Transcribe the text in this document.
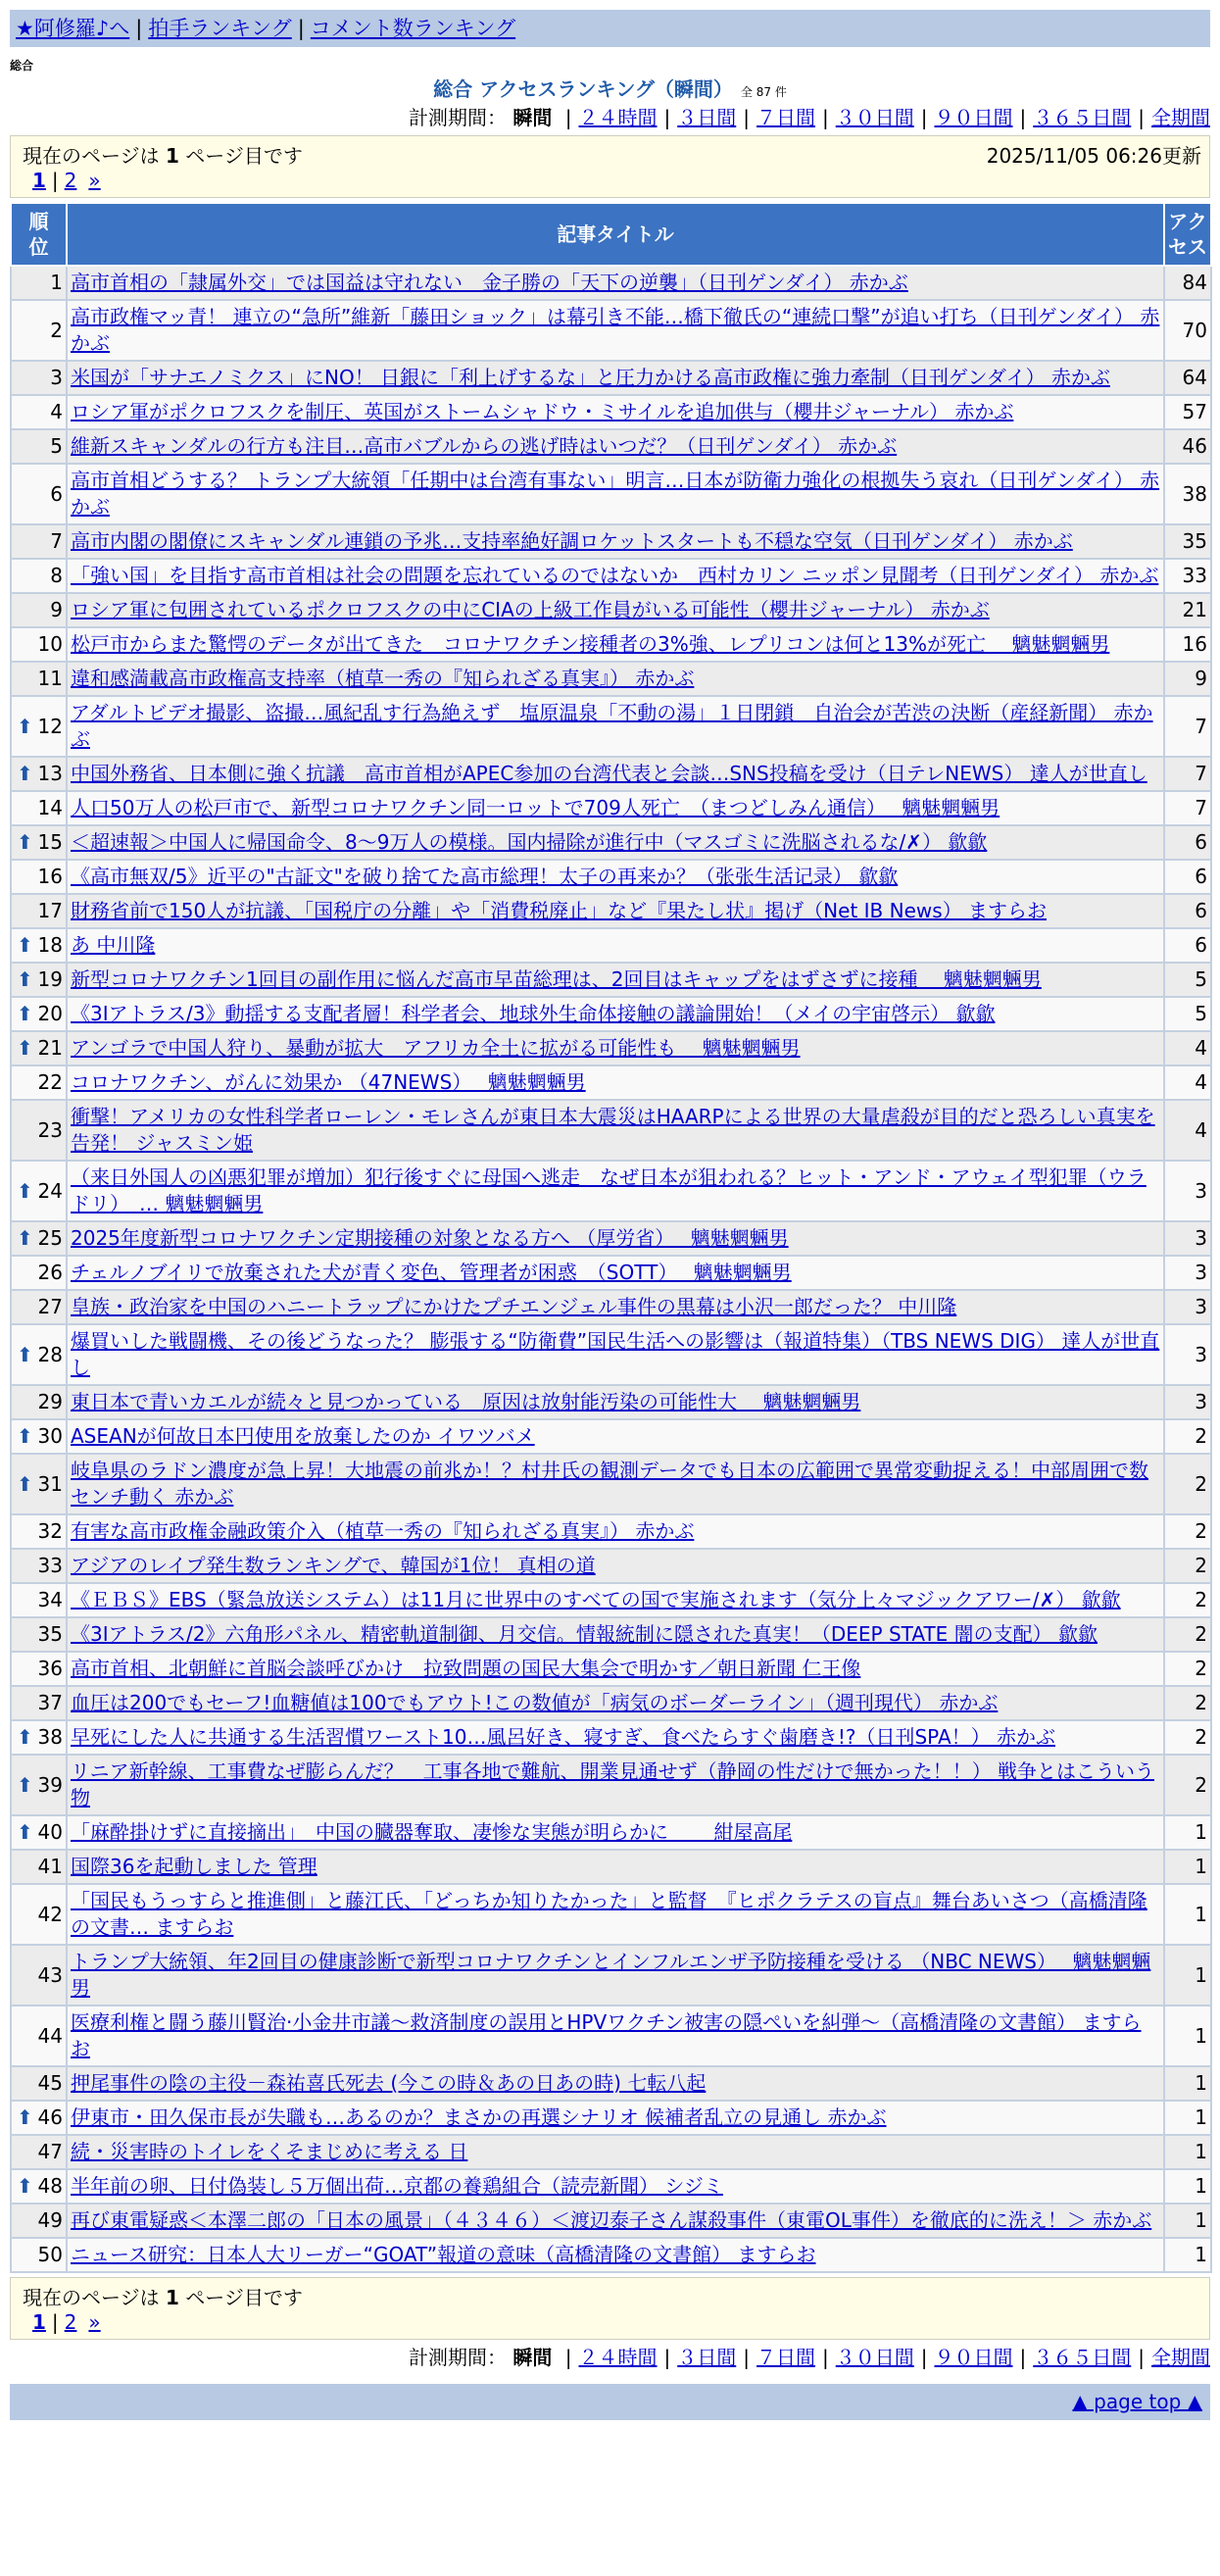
★阿修羅♪へ | 拍手ランキング | コメント数ランキング
総合
総合 アクセスランキング（瞬間） 全 87 件
計測期間： 瞬間 | ２４時間 | ３日間 | ７日間 | ３０日間 | ９０日間 | ３６５日間 | 全期間
現在のページは 1 ページ目です	2025/11/05 06:26更新
1 | 2 »
順位	記事タイトル	アクセス
1	高市首相の「隷属外交」では国益は守れない　金子勝の「天下の逆襲」（日刊ゲンダイ） 赤かぶ	84
2	高市政権マッ青！ 連立の“急所”維新「藤田ショック」は幕引き不能…橋下徹氏の“連続口撃”が追い打ち（日刊ゲンダイ） 赤かぶ	70
3	米国が「サナエノミクス」にNO！ 日銀に「利上げするな」と圧力かける高市政権に強力牽制（日刊ゲンダイ） 赤かぶ	64
4	ロシア軍がポクロフスクを制圧、英国がストームシャドウ・ミサイルを追加供与（櫻井ジャーナル） 赤かぶ	57
5	維新スキャンダルの行方も注目…高市バブルからの逃げ時はいつだ？（日刊ゲンダイ） 赤かぶ	46
6	高市首相どうする？ トランプ大統領「任期中は台湾有事ない」明言…日本が防衛力強化の根拠失う哀れ（日刊ゲンダイ） 赤かぶ	38
7	高市内閣の閣僚にスキャンダル連鎖の予兆…支持率絶好調ロケットスタートも不穏な空気（日刊ゲンダイ） 赤かぶ	35
8	「強い国」を目指す高市首相は社会の問題を忘れているのではないか　西村カリン ニッポン見聞考（日刊ゲンダイ） 赤かぶ	33
9	ロシア軍に包囲されているポクロフスクの中にCIAの上級工作員がいる可能性（櫻井ジャーナル） 赤かぶ	21
10	松戸市からまた驚愕のデータが出てきた　コロナワクチン接種者の3%強、レプリコンは何と13%が死亡　 魑魅魍魎男	16
11	違和感満載高市政権高支持率（植草一秀の『知られざる真実』） 赤かぶ	9

⬆ 12	アダルトビデオ撮影、盗撮…風紀乱す行為絶えず　塩原温泉「不動の湯」１日閉鎖　自治会が苦渋の決断（産経新聞） 赤かぶ	7

⬆ 13	中国外務省、日本側に強く抗議　高市首相がAPEC参加の台湾代表と会談…SNS投稿を受け（日テレNEWS） 達人が世直し	7
14	人口50万人の松戸市で、新型コロナワクチン同一ロットで709人死亡　（まつどしみん通信）　 魑魅魍魎男	7

⬆ 15	＜超速報＞中国人に帰国命令、8～9万人の模様。国内掃除が進行中（マスゴミに洗脳されるな/✗） 歙歙	6
16	《高市無双/5》近平の"古証文"を破り捨てた高市総理！太子の再来か？（张张生活记录） 歙歙	6
17	財務省前で150人が抗議、「国税庁の分離」や「消費税廃止」など『果たし状』掲げ（Net IB News） ますらお	6

⬆ 18	あ 中川隆	6

⬆ 19	新型コロナワクチン1回目の副作用に悩んだ高市早苗総理は、2回目はキャップをはずさずに接種　 魑魅魍魎男	5

⬆ 20	《3Iアトラス/3》動揺する支配者層！科学者会、地球外生命体接触の議論開始！（メイの宇宙啓示） 歙歙	5

⬆ 21	アンゴラで中国人狩り、暴動が拡大　アフリカ全土に拡がる可能性も　 魑魅魍魎男	4
22	コロナワクチン、がんに効果か （47NEWS）　 魑魅魍魎男	4
23	衝撃！アメリカの女性科学者ローレン・モレさんが東日本大震災はHAARPによる世界の大量虐殺が目的だと恐ろしい真実を告発！ ジャスミン姫	4

⬆ 24	（来日外国人の凶悪犯罪が増加）犯行後すぐに母国へ逃走　なぜ日本が狙われる？ヒット・アンド・アウェイ型犯罪（ウラドリ）　… 魑魅魍魎男	3

⬆ 25	2025年度新型コロナワクチン定期接種の対象となる方へ （厚労省）　 魑魅魍魎男	3
26	チェルノブイリで放棄された犬が青く変色、管理者が困惑　（SOTT）　 魑魅魍魎男	3
27	皇族・政治家を中国のハニートラップにかけたプチエンジェル事件の黒幕は小沢一郎だった？ 中川隆	3

⬆ 28	爆買いした戦闘機、その後どうなった？ 膨張する“防衛費”国民生活への影響は（報道特集）（TBS NEWS DIG） 達人が世直し	3
29	東日本で青いカエルが続々と見つかっている　原因は放射能汚染の可能性大　 魑魅魍魎男	3

⬆ 30	ASEANが何故日本円使用を放棄したのか イワツバメ	2

⬆ 31	岐阜県のラドン濃度が急上昇！大地震の前兆か！？村井氏の観測データでも日本の広範囲で異常変動捉える！中部周囲で数センチ動く 赤かぶ	2
32	有害な高市政権金融政策介入（植草一秀の『知られざる真実』） 赤かぶ	2
33	アジアのレイプ発生数ランキングで、韓国が1位！ 真相の道	2
34	《ＥＢＳ》EBS（緊急放送システム）は11月に世界中のすべての国で実施されます（気分上々マジックアワー/✗） 歙歙	2
35	《3Iアトラス/2》六角形パネル、精密軌道制御、月交信。情報統制に隠された真実！（DEEP STATE 闇の支配） 歙歙	2
36	高市首相、北朝鮮に首脳会談呼びかけ　拉致問題の国民大集会で明かす／朝日新聞 仁王像	2
37	血圧は200でもセーフ!血糖値は100でもアウト!この数値が「病気のボーダーライン」（週刊現代） 赤かぶ	2

⬆ 38	早死にした人に共通する生活習慣ワースト10…風呂好き、寝すぎ、食べたらすぐ歯磨き!?（日刊SPA！） 赤かぶ	2

⬆ 39	リニア新幹線、工事費なぜ膨らんだ？　工事各地で難航、開業見通せず（静岡の性だけで無かった！！） 戦争とはこういう物	2

⬆ 40	「麻酔掛けずに直接摘出」　中国の臓器奪取、凄惨な実態が明らかに　　 紺屋高尾	1
41	国際36を起動しました 管理	1
42	「国民もうっすらと推進側」と藤江氏、「どっちか知りたかった」と監督　『ヒポクラテスの盲点』舞台あいさつ（高橋清隆の文書… ますらお	1
43	トランプ大統領、年2回目の健康診断で新型コロナワクチンとインフルエンザ予防接種を受ける （NBC NEWS）　 魑魅魍魎男	1
44	医療利権と闘う藤川賢治·小金井市議～救済制度の誤用とHPVワクチン被害の隠ぺいを糾弾～（高橋清隆の文書館） ますらお	1
45	押尾事件の陰の主役－森祐喜氏死去 (今この時＆あの日あの時) 七転八起	1

⬆ 46	伊東市・田久保市長が失職も…あるのか？まさかの再選シナリオ 候補者乱立の見通し 赤かぶ	1
47	続・災害時のトイレをくそまじめに考える 日	1

⬆ 48	半年前の卵、日付偽装し５万個出荷…京都の養鶏組合（読売新聞） シジミ	1
49	再び東電疑惑＜本澤二郎の「日本の風景」（４３４６）＜渡辺泰子さん謀殺事件（東電OL事件）を徹底的に洗え！＞ 赤かぶ	1
50	ニュース研究：日本人大リーガー“GOAT”報道の意味（高橋清隆の文書館） ますらお	1
現在のページは 1 ページ目です
1 | 2 »
計測期間： 瞬間 | ２４時間 | ３日間 | ７日間 | ３０日間 | ９０日間 | ３６５日間 | 全期間
▲ page top ▲
